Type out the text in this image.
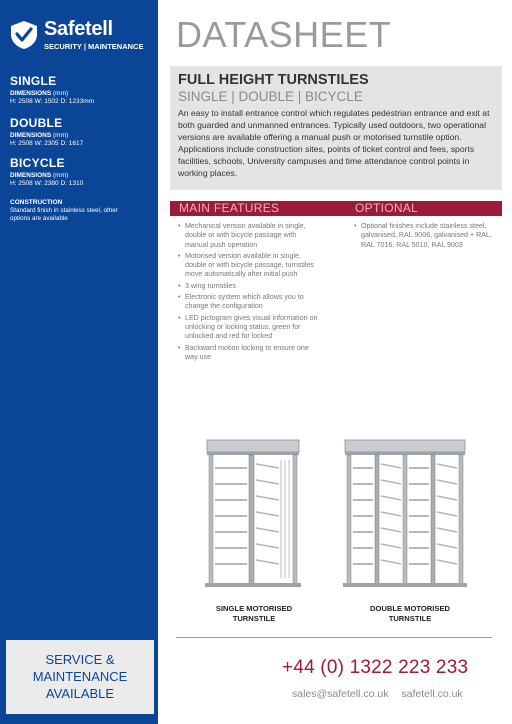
Safetell
SECURITY | MAINTENANCE
SINGLE
DIMENSIONS (mm)
H: 2508 W: 1502 D: 1233mm
DOUBLE
DIMENSIONS (mm)
H: 2508 W: 2305 D: 1617
BICYCLE
DIMENSIONS (mm)
H: 2508 W: 2380 D: 1310
CONSTRUCTION
Standard finish in stainless steel, other options are available
SERVICE &
MAINTENANCE
AVAILABLE
DATASHEET
FULL HEIGHT TURNSTILES
SINGLE | DOUBLE | BICYCLE

An easy to install entrance control which regulates pedestrian entrance and exit at both guarded and unmanned entrances. Typically used outdoors, two operational versions are available offering a manual push or motorised turnstile option. Applications include construction sites, points of ticket control and fees, sports facilities, schools, University campuses and time attendance control points in working places.

MAIN FEATURES	OPTIONAL
• Mechanical version available in single, double or with bicycle passage with manual push operation
• Motorised version available in single, double or with bicycle passage, turnstiles move automatically after initial push
• 3 wing turnstiles
• Electronic system which allows you to change the configuration
• LED pictogram gives visual information on unlocking or locking status, green for unlocked and red for locked
• Backward motion locking to ensure one way use
• Optional finishes include stainless steel, galvanised, RAL 9006, galvanised + RAL, RAL 7016, RAL 5010, RAL 9003
SINGLE MOTORISED
TURNSTILE
DOUBLE MOTORISED
TURNSTILE
+44 (0) 1322 223 233
sales@safetell.co.uk safetell.co.uk
